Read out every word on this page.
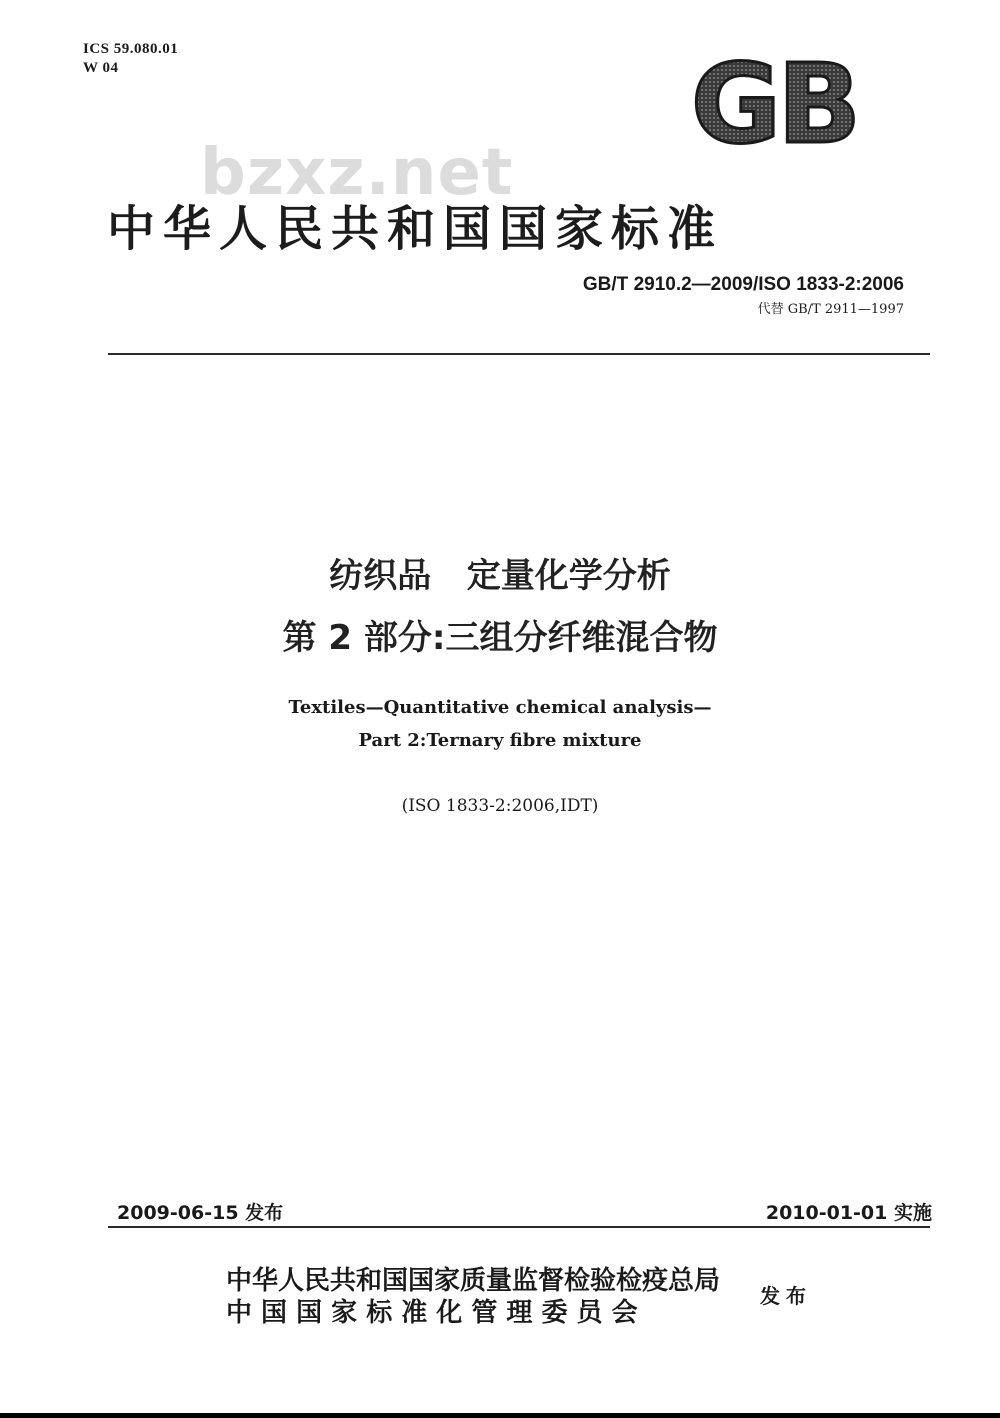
ICS 59.080.01
W 04	GB
bzxz.net
中华人民共和国国家标准
GB/T 2910.2—2009/ISO 1833-2:2006
代替 GB/T 2911—1997
纺织品   定量化学分析
第 2 部分:三组分纤维混合物
Textiles—Quantitative chemical analysis—
Part 2:Ternary fibre mixture
(ISO 1833-2:2006,IDT)
2009-06-15 发布	2010-01-01 实施
中华人民共和国国家质量监督检验检疫总局
中 国 国 家 标 准 化 管 理 委 员 会
发布
